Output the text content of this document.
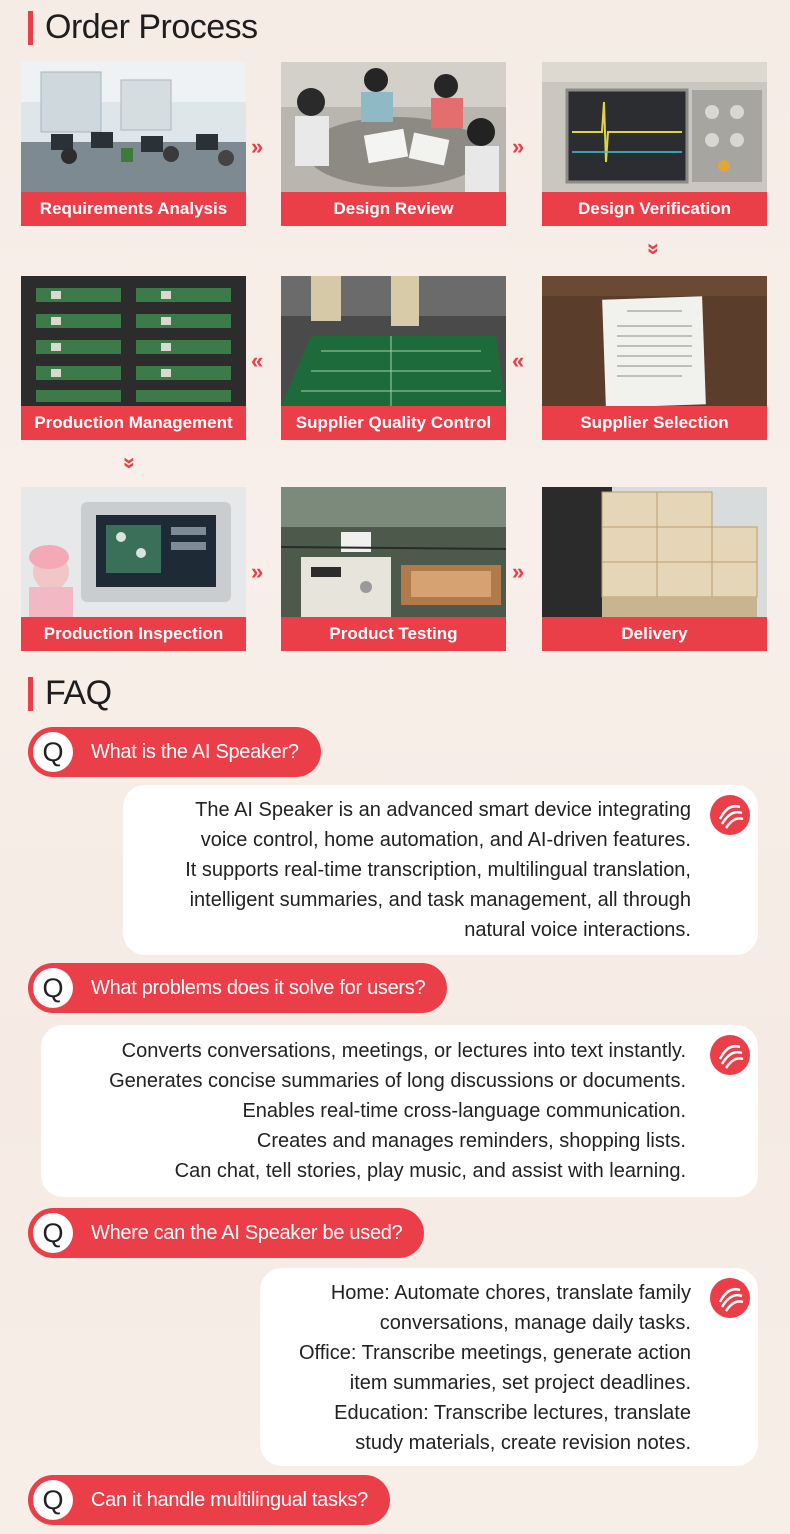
Order Process
Requirements Analysis
»
Design Review
»
Design Verification
»
Production Management
«
Supplier Quality Control
«
Supplier Selection
»
Production Inspection
»
Product Testing
»
Delivery
FAQ
Q	What is the AI Speaker?
The AI Speaker is an advanced smart device integrating
voice control, home automation, and AI-driven features.
It supports real-time transcription, multilingual translation,
intelligent summaries, and task management, all through
natural voice interactions.
Q	What problems does it solve for users?
Converts conversations, meetings, or lectures into text instantly.
Generates concise summaries of long discussions or documents.
Enables real-time cross-language communication.
Creates and manages reminders, shopping lists.
Can chat, tell stories, play music, and assist with learning.
Q	Where can the AI Speaker be used?
Home: Automate chores, translate family
conversations, manage daily tasks.
Office: Transcribe meetings, generate action
item summaries, set project deadlines.
Education: Transcribe lectures, translate
study materials, create revision notes.
Q	Can it handle multilingual tasks?
